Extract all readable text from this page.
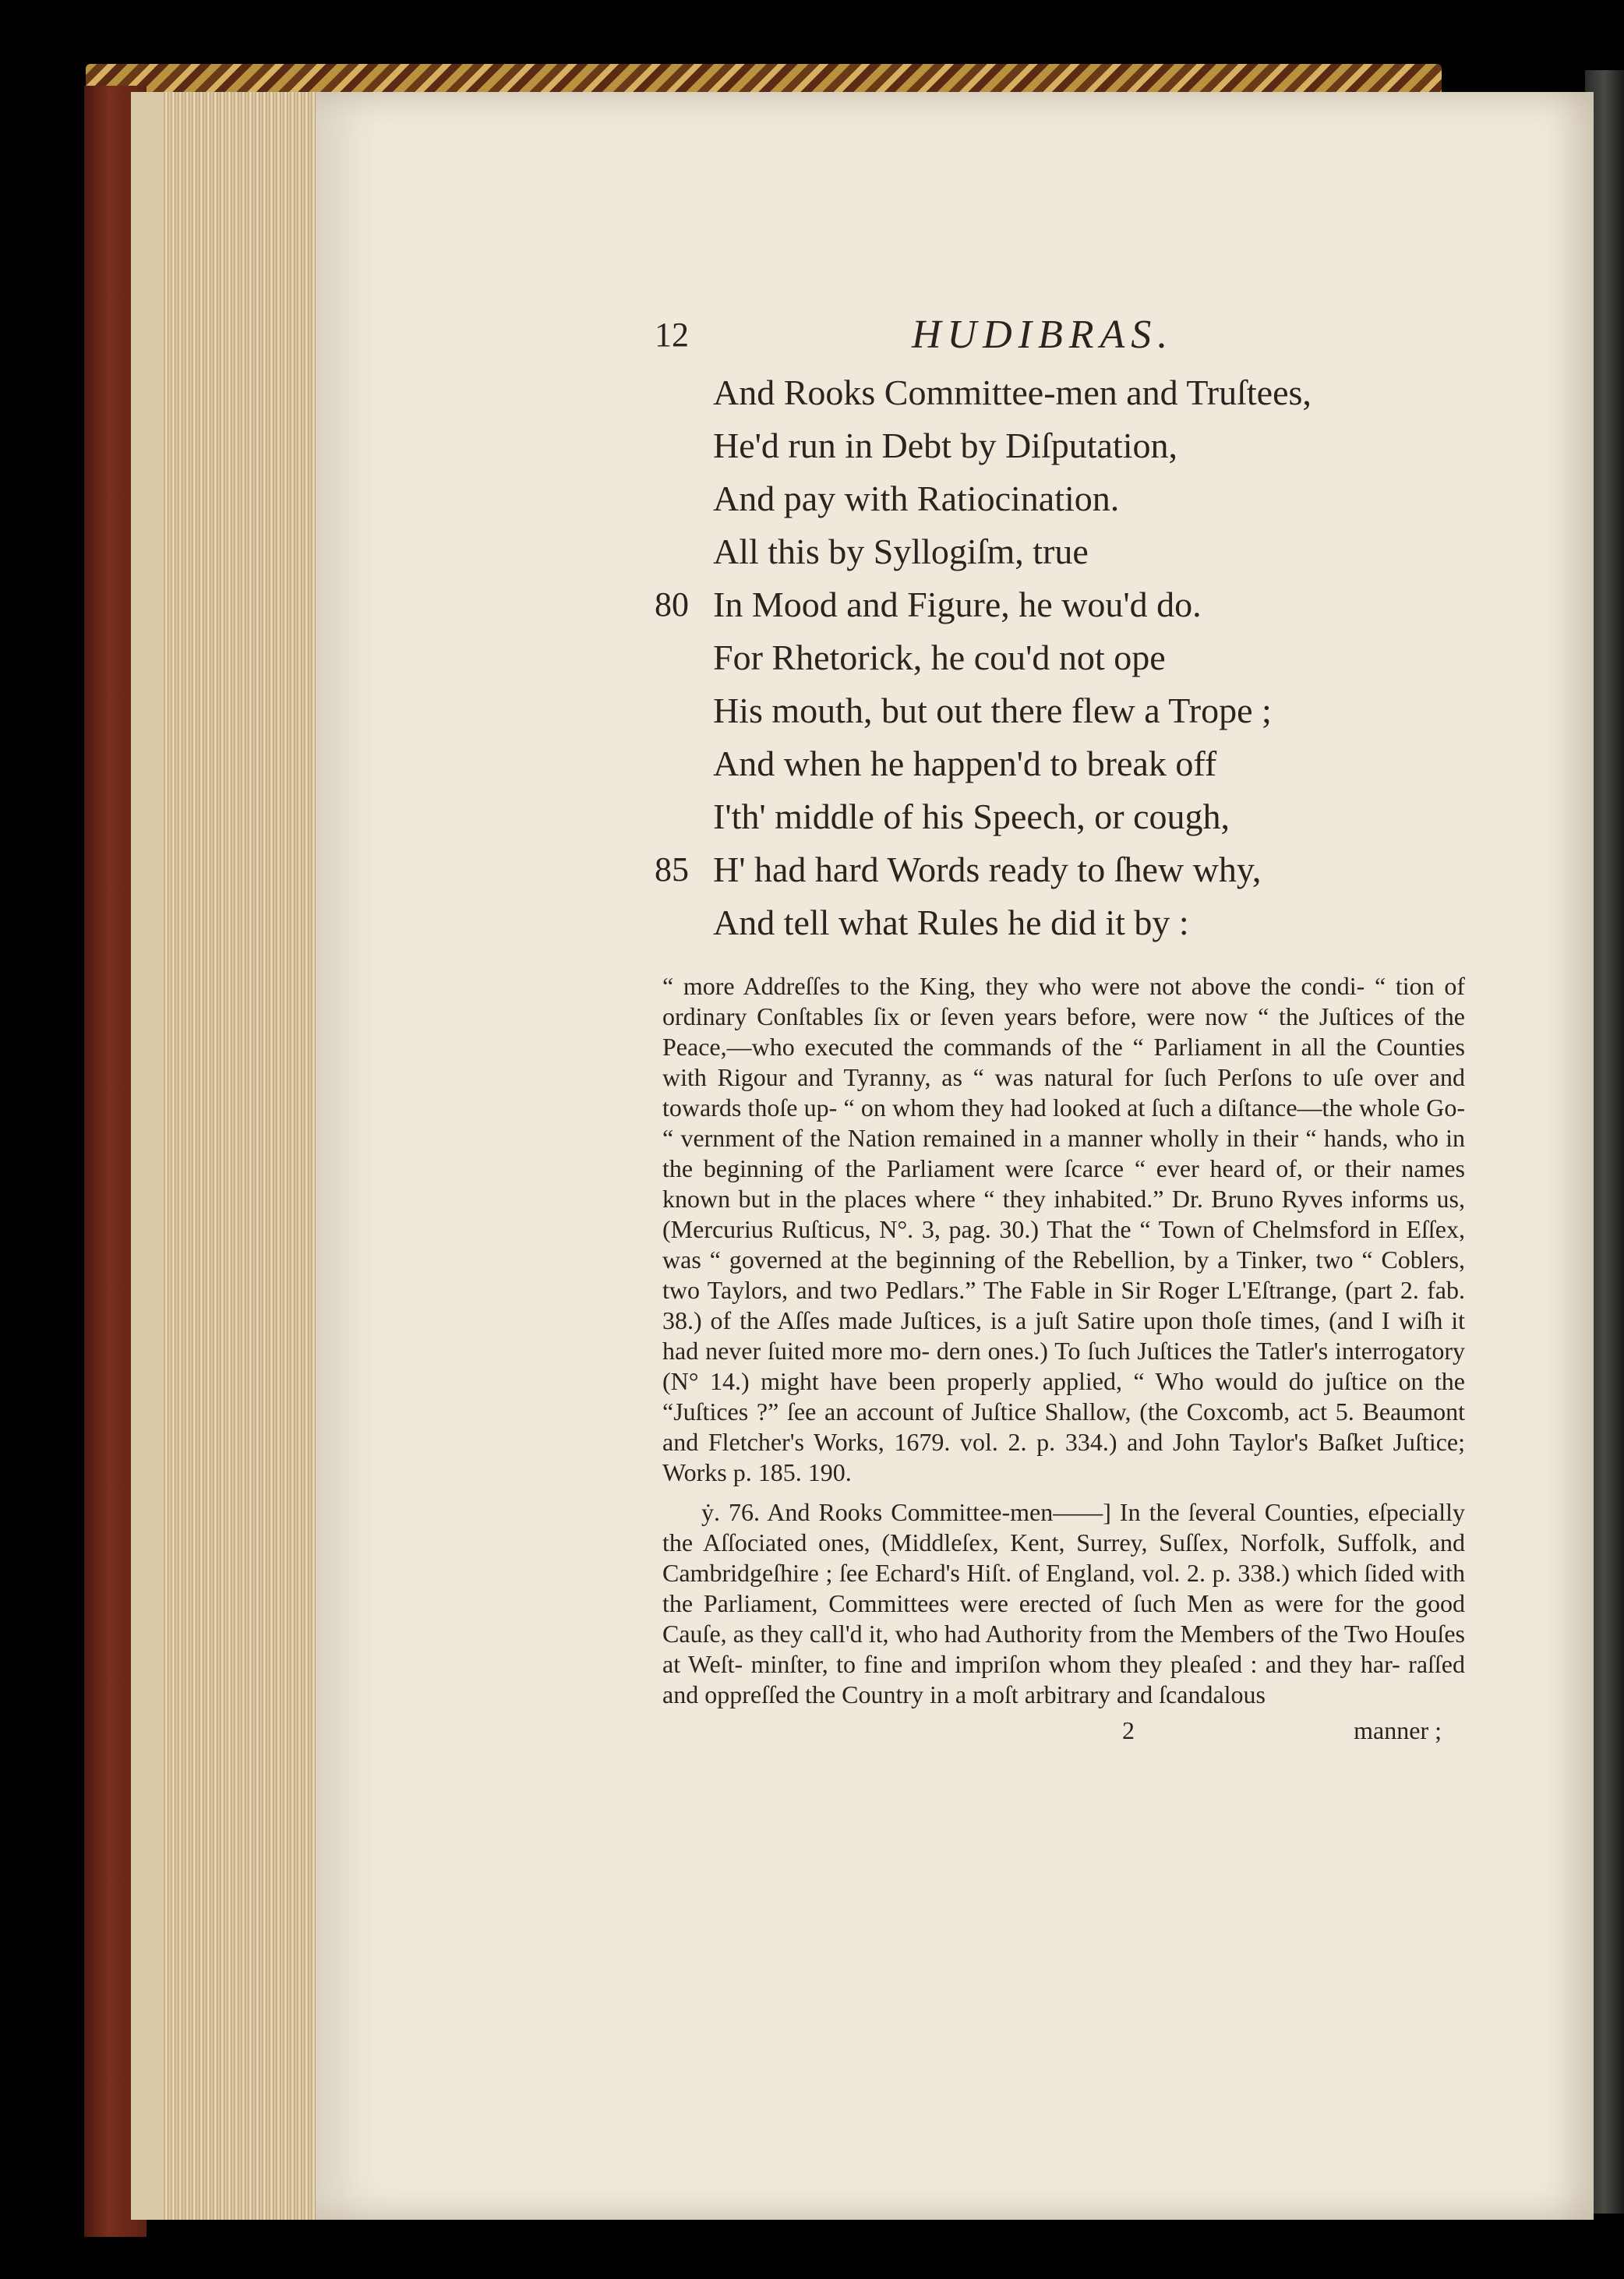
12	HUDIBRAS.
And Rooks Committee-men and Truſtees,
He'd run in Debt by Diſputation,
And pay with Ratiocination.
All this by Syllogiſm, true
80 In Mood and Figure, he wou'd do.
For Rhetorick, he cou'd not ope
His mouth, but out there flew a Trope ;
And when he happen'd to break off
I'th' middle of his Speech, or cough,
85 H' had hard Words ready to ſhew why,
And tell what Rules he did it by :

“ more Addreſſes to the King, they who were not above the condi- “ tion of ordinary Conſtables ſix or ſeven years before, were now “ the Juſtices of the Peace,—who executed the commands of the “ Parliament in all the Counties with Rigour and Tyranny, as “ was natural for ſuch Perſons to uſe over and towards thoſe up- “ on whom they had looked at ſuch a diſtance—the whole Go- “ vernment of the Nation remained in a manner wholly in their “ hands, who in the beginning of the Parliament were ſcarce “ ever heard of, or their names known but in the places where “ they inhabited.” Dr. Bruno Ryves informs us, (Mercurius Ruſticus, N°. 3, pag. 30.) That the “ Town of Chelmsford in Eſſex, was “ governed at the beginning of the Rebellion, by a Tinker, two “ Coblers, two Taylors, and two Pedlars.” The Fable in Sir Roger L'Eſtrange, (part 2. fab. 38.) of the Aſſes made Juſtices, is a juſt Satire upon thoſe times, (and I wiſh it had never ſuited more mo- dern ones.) To ſuch Juſtices the Tatler's interrogatory (N° 14.) might have been properly applied, “ Who would do juſtice on the “Juſtices ?” ſee an account of Juſtice Shallow, (the Coxcomb, act 5. Beaumont and Fletcher's Works, 1679. vol. 2. p. 334.) and John Taylor's Baſket Juſtice; Works p. 185. 190.

ẏ. 76. And Rooks Committee-men——] In the ſeveral Counties, eſpecially the Aſſociated ones, (Middleſex, Kent, Surrey, Suſſex, Norfolk, Suffolk, and Cambridgeſhire ; ſee Echard's Hiſt. of England, vol. 2. p. 338.) which ſided with the Parliament, Committees were erected of ſuch Men as were for the good Cauſe, as they call'd it, who had Authority from the Members of the Two Houſes at Weſt- minſter, to fine and impriſon whom they pleaſed : and they har- raſſed and oppreſſed the Country in a moſt arbitrary and ſcandalous

2	manner ;
